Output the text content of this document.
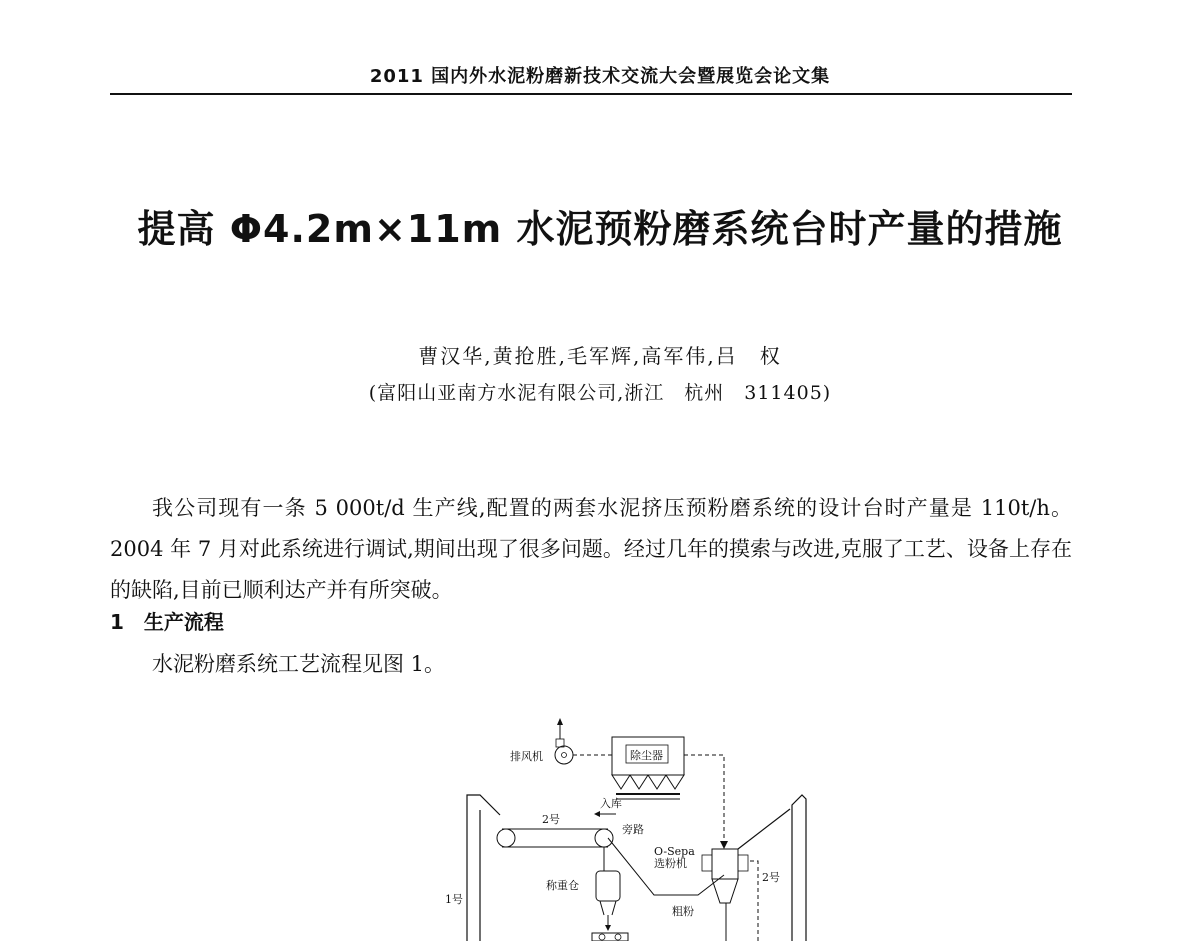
2011 国内外水泥粉磨新技术交流大会暨展览会论文集
提高 Φ4.2m×11m 水泥预粉磨系统台时产量的措施
曹汉华,黄抢胜,毛军辉,高军伟,吕　权
(富阳山亚南方水泥有限公司,浙江　杭州　311405)
我公司现有一条 5 000t/d 生产线,配置的两套水泥挤压预粉磨系统的设计台时产量是 110t/h。2004 年 7 月对此系统进行调试,期间出现了很多问题。经过几年的摸索与改进,克服了工艺、设备上存在的缺陷,目前已顺利达产并有所突破。
1　生产流程
水泥粉磨系统工艺流程见图 1。
排风机	除尘器
入库
1号
2号
旁路
称重仓
O-Sepa
选粉机
粗粉
2号
